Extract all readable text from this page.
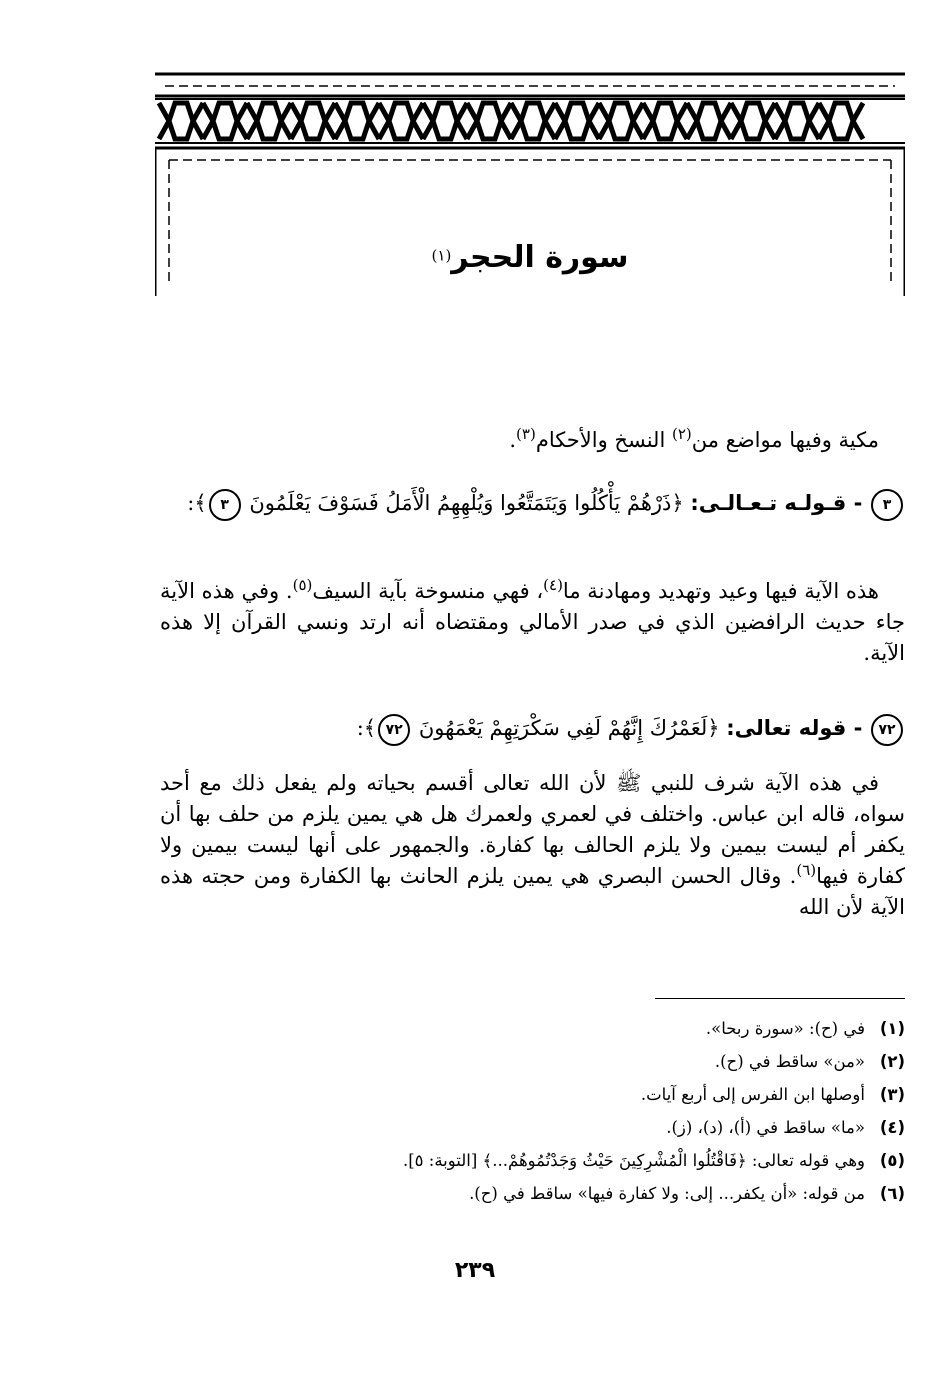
سورة الحجر(١)

مكية وفيها مواضع من$^{(٢)}$ النسخ والأحكام$^{(٣)}$.

٣ - قـولـه تـعـالـى: ﴿ذَرْهُمْ يَأْكُلُوا وَيَتَمَتَّعُوا وَيُلْهِهِمُ الْأَمَلُ فَسَوْفَ يَعْلَمُونَ ٣﴾:

هذه الآية فيها وعيد وتهديد ومهادنة ما$^{(٤)}$، فهي منسوخة بآية السيف$^{(٥)}$. وفي هذه الآية جاء حديث الرافضين الذي في صدر الأمالي ومقتضاه أنه ارتد ونسي القرآن إلا هذه الآية.

٧٢ - قوله تعالى: ﴿لَعَمْرُكَ إِنَّهُمْ لَفِي سَكْرَتِهِمْ يَعْمَهُونَ ٧٢﴾:

في هذه الآية شرف للنبي ﷺ لأن الله تعالى أقسم بحياته ولم يفعل ذلك مع أحد سواه، قاله ابن عباس. واختلف في لعمري ولعمرك هل هي يمين يلزم من حلف بها أن يكفر أم ليست بيمين ولا يلزم الحالف بها كفارة. والجمهور على أنها ليست بيمين ولا كفارة فيها$^{(٦)}$. وقال الحسن البصري هي يمين يلزم الحانث بها الكفارة ومن حجته هذه الآية لأن الله

(١)في (ح): «سورة ربحا».

(٢)«من» ساقط في (ح).

(٣)أوصلها ابن الفرس إلى أربع آيات.

(٤)«ما» ساقط في (أ)، (د)، (ز).

(٥)وهي قوله تعالى: ﴿فَاقْتُلُوا الْمُشْرِكِينَ حَيْثُ وَجَدْتُمُوهُمْ...﴾ [التوبة: ٥].

(٦)من قوله: «أن يكفر... إلى: ولا كفارة فيها» ساقط في (ح).

٢٣٩
